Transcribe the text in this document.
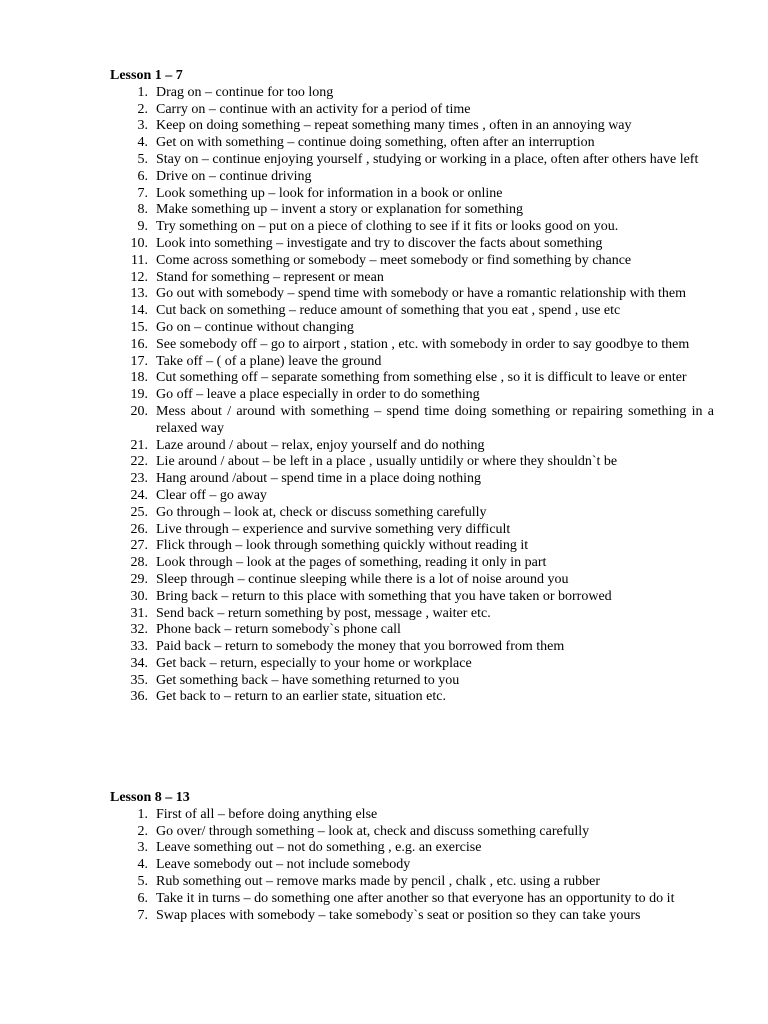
Lesson 1 – 7
1. Drag on – continue for too long
2. Carry on – continue with an activity for a period of time
3. Keep on doing something – repeat something many times , often in an annoying way
4. Get on with something – continue doing something, often after an interruption
5. Stay on – continue enjoying yourself , studying or working in a place, often after others have left
6. Drive on – continue driving
7. Look something up – look for information in a book or online
8. Make something up – invent a story or explanation for something
9. Try something on – put on a piece of clothing to see if it fits or looks good on you.
10. Look into something – investigate and try to discover the facts about something
11. Come across something or somebody – meet somebody or find something by chance
12. Stand for something – represent or mean
13. Go out with somebody – spend time with somebody or have a romantic relationship with them
14. Cut back on something – reduce amount of something that you eat , spend , use etc
15. Go on – continue without changing
16. See somebody off – go to airport , station , etc. with somebody in order to say goodbye to them
17. Take off – ( of a plane) leave the ground
18. Cut something off – separate something from something else , so it is difficult to leave or enter
19. Go off – leave a place especially in order to do something
20. Mess about / around with something – spend time doing something or repairing something in a relaxed way
21. Laze around / about – relax, enjoy yourself and do nothing
22. Lie around / about – be left in a place , usually untidily or where they shouldn`t be
23. Hang around /about – spend time in a place doing nothing
24. Clear off – go away
25. Go through – look at, check or discuss something carefully
26. Live through – experience and survive something very difficult
27. Flick through – look through something quickly without reading it
28. Look through – look at the pages of something, reading it only in part
29. Sleep through – continue sleeping while there is a lot of noise around you
30. Bring back – return to this place with something that you have taken or borrowed
31. Send back – return something by post, message , waiter etc.
32. Phone back – return somebody`s phone call
33. Paid back – return to somebody the money that you borrowed from them
34. Get back – return, especially to your home or workplace
35. Get something back – have something returned to you
36. Get back to – return to an earlier state, situation etc.
Lesson 8 – 13
1. First of all – before doing anything else
2. Go over/ through something – look at, check and discuss something carefully
3. Leave something out – not do something , e.g. an exercise
4. Leave somebody out – not include somebody
5. Rub something out – remove marks made by pencil , chalk , etc. using a rubber
6. Take it in turns – do something one after another so that everyone has an opportunity to do it
7. Swap places with somebody – take somebody`s seat or position so they can take yours
